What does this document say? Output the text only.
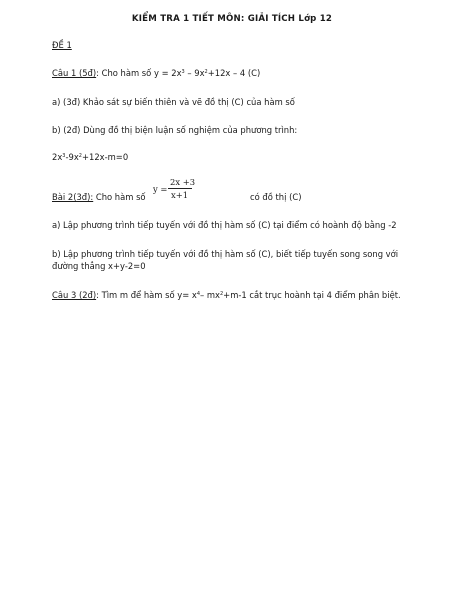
KIỂM TRA 1 TIẾT MÔN: GIẢI TÍCH Lớp 12
ĐỀ 1
Câu 1 (5đ): Cho hàm số $y = 2x^3 - 9x^2+12x - 4$ (C)
a) (3đ) Khảo sát sự biến thiên và vẽ đồ thị (C) của hàm số
b) (2đ) Dùng đồ thị biện luận số nghiệm của phương trình:
$2x^3-9x^2+12x-m=0$
Bài 2(3đ): Cho hàm số
y =
2x +3
x+1	có đồ thị (C)
a) Lập phương trình tiếp tuyến với đồ thị hàm số (C) tại điểm có hoành độ bằng -2
b) Lập phương trình tiếp tuyến với đồ thị hàm số (C), biết tiếp tuyến song song với
đường thẳng x+y-2=0
Câu 3 (2đ): Tìm m để hàm số $y= x^4-$ $mx^2+m-1$ cắt trục hoành tại 4 điểm phân biệt.
